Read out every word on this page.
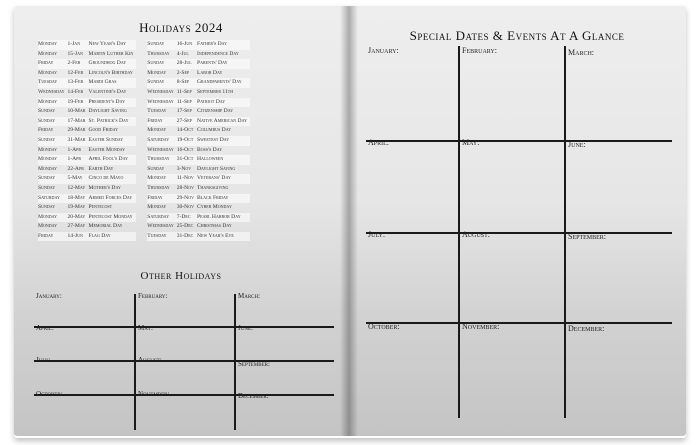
Holidays 2024
Monday	1-Jan	New Year's Day		Sunday	16-Jun	Father's Day
Monday	15-Jan	Martin Luther Kin		Thursday	4-Jul	Independence Day
Friday	2-Feb	Groundhog Day		Sunday	28-Jul	Parents' Day
Monday	12-Feb	Lincoln's Birthday		Monday	2-Sep	Labor Day
Tuesday	13-Feb	Mardi Gras		Sunday	8-Sep	Grandparents' Day
Wednesday	14-Feb	Valentine's Day		Wednesday	11-Sep	September 11th
Monday	19-Feb	President's Day		Wednesday	11-Sep	Patriot Day
Sunday	10-Mar	Daylight Saving		Tuesday	17-Sep	Citizenship Day
Sunday	17-Mar	St. Patrick's Day		Friday	27-Sep	Native American Day
Friday	29-Mar	Good Friday		Monday	14-Oct	Columbus Day
Sunday	31-Mar	Easter Sunday		Saturday	19-Oct	Sweetest Day
Monday	1-Apr	Easter Monday		Wednesday	16-Oct	Boss's Day
Monday	1-Apr	April Fool's Day		Thursday	31-Oct	Halloween
Monday	22-Apr	Earth Day		Sunday	3-Nov	Daylight Saving
Sunday	5-May	Cinco de Mayo		Monday	11-Nov	Veterans' Day
Sunday	12-May	Mother's Day		Thursday	28-Nov	Thanksgiving
Saturday	18-May	Armed Forces Day		Friday	29-Nov	Black Friday
Sunday	19-May	Pentecost		Monday	30-Nov	Cyber Monday
Monday	20-May	Pentecost Monday		Saturday	7-Dec	Pearl Harbor Day
Monday	27-May	Memorial Day		Wednesday	25-Dec	Christmas Day
Friday	14-Jun	Flag Day		Tuesday	31-Dec	New Year's Eve
Other Holidays
January:	February:	March:
April:	May:	June:
July:	August:	September:
October:	November:	December:
Special Dates & Events At A Glance
January:	February:	March:
April:	May:	June:
July:	August:	September:
October:	November:	December:
